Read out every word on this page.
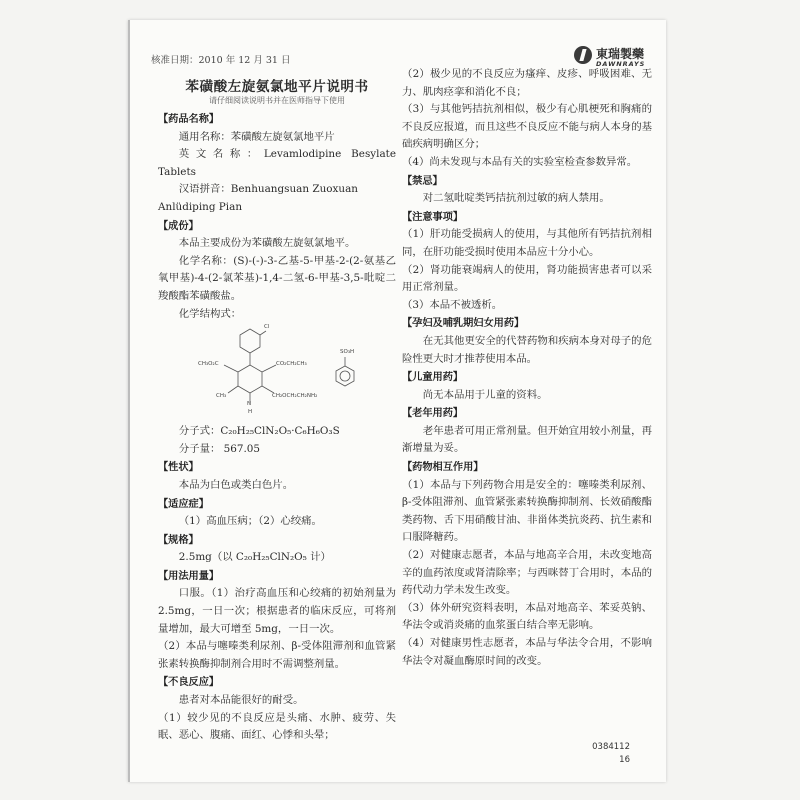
核准日期：2010 年 12 月 31 日	東瑞製藥
DAWNRAYS

苯磺酸左旋氨氯地平片说明书

请仔细阅读说明书并在医师指导下使用

【药品名称】

通用名称：苯磺酸左旋氨氯地平片

英文名称：Levamlodipine Besylate Tablets

汉语拼音：Benhuangsuan Zuoxuan

Anlüdiping Pian

【成份】

本品主要成份为苯磺酸左旋氨氯地平。

化学名称：(S)-(-)-3-乙基-5-甲基-2-(2-氨基乙氧甲基)-4-(2-氯苯基)-1,4-二氢-6-甲基-3,5-吡啶二羧酸酯苯磺酸盐。

化学结构式：

Cl
CH₃O₂C	CO₂CH₂CH₃
CH₃
N
H
CH₂OCH₂CH₂NH₂
SO₃H

分子式：C₂₀H₂₅ClN₂O₅·C₆H₆O₃S

分子量： 567.05

【性状】

本品为白色或类白色片。

【适应症】

（1）高血压病；（2）心绞痛。

【规格】

2.5mg（以 C₂₀H₂₅ClN₂O₅ 计）

【用法用量】

口服。（1）治疗高血压和心绞痛的初始剂量为 2.5mg，一日一次；根据患者的临床反应，可将剂量增加，最大可增至 5mg，一日一次。

（2）本品与噻嗪类利尿剂、β-受体阻滞剂和血管紧张素转换酶抑制剂合用时不需调整剂量。

【不良反应】

患者对本品能很好的耐受。

（1）较少见的不良反应是头痛、水肿、疲劳、失眠、恶心、腹痛、面红、心悸和头晕；

（2）极少见的不良反应为瘙痒、皮疹、呼吸困难、无力、肌肉痉挛和消化不良；

（3）与其他钙拮抗剂相似，极少有心肌梗死和胸痛的不良反应报道，而且这些不良反应不能与病人本身的基础疾病明确区分；

（4）尚未发现与本品有关的实验室检查参数异常。

【禁忌】

对二氢吡啶类钙拮抗剂过敏的病人禁用。

【注意事项】

（1）肝功能受损病人的使用，与其他所有钙拮抗剂相同，在肝功能受损时使用本品应十分小心。

（2）肾功能衰竭病人的使用，肾功能损害患者可以采用正常剂量。

（3）本品不被透析。

【孕妇及哺乳期妇女用药】

在无其他更安全的代替药物和疾病本身对母子的危险性更大时才推荐使用本品。

【儿童用药】

尚无本品用于儿童的资料。

【老年用药】

老年患者可用正常剂量。但开始宜用较小剂量，再渐增量为妥。

【药物相互作用】

（1）本品与下列药物合用是安全的：噻嗪类利尿剂、β-受体阻滞剂、血管紧张素转换酶抑制剂、长效硝酸酯类药物、舌下用硝酸甘油、非甾体类抗炎药、抗生素和口服降糖药。

（2）对健康志愿者，本品与地高辛合用，未改变地高辛的血药浓度或肾清除率；与西咪替丁合用时，本品的药代动力学未发生改变。

（3）体外研究资料表明，本品对地高辛、苯妥英钠、华法令或消炎痛的血浆蛋白结合率无影响。

（4）对健康男性志愿者，本品与华法令合用，不影响华法令对凝血酶原时间的改变。

0384112
16
